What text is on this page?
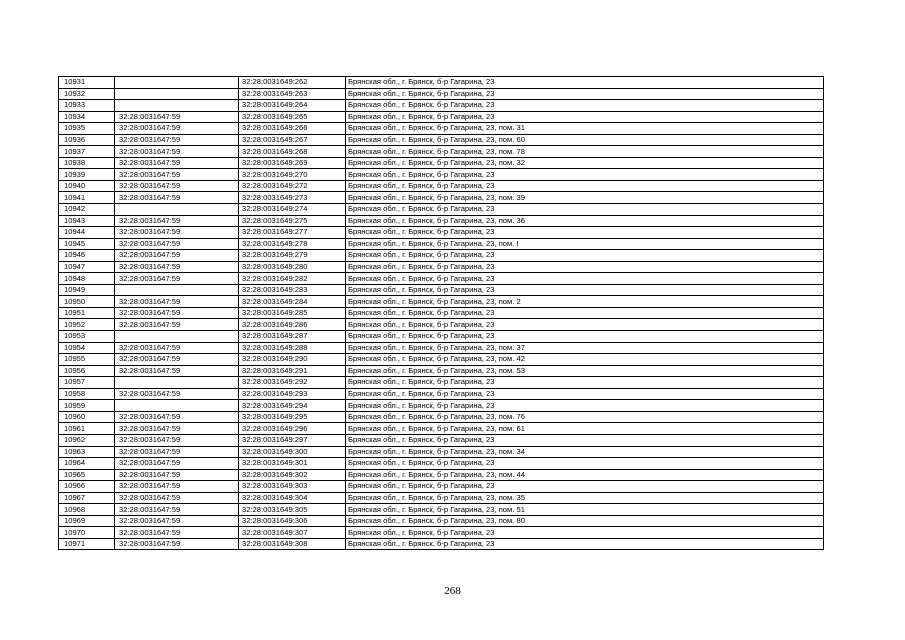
10931		32:28:0031649:262	Брянская обл., г. Брянск, б-р Гагарина, 23
10932		32:28:0031649:263	Брянская обл., г. Брянск, б-р Гагарина, 23
10933		32:28:0031649:264	Брянская обл., г. Брянск, б-р Гагарина, 23
10934	32:28:0031647:59	32:28:0031649:265	Брянская обл., г. Брянск, б-р Гагарина, 23
10935	32:28:0031647:59	32:28:0031649:266	Брянская обл., г. Брянск, б-р Гагарина, 23, пом. 31
10936	32:28:0031647:59	32:28:0031649:267	Брянская обл., г. Брянск, б-р Гагарина, 23, пом. 60
10937	32:28:0031647:59	32:28:0031649:268	Брянская обл., г. Брянск, б-р Гагарина, 23, пом. 78
10938	32:28:0031647:59	32:28:0031649:269	Брянская обл., г. Брянск, б-р Гагарина, 23, пом. 32
10939	32:28:0031647:59	32:28:0031649:270	Брянская обл., г. Брянск, б-р Гагарина, 23
10940	32:28:0031647:59	32:28:0031649:272	Брянская обл., г. Брянск, б-р Гагарина, 23
10941	32:28:0031647:59	32:28:0031649:273	Брянская обл., г. Брянск, б-р Гагарина, 23, пом. 39
10942		32:28:0031649:274	Брянская обл., г. Брянск, б-р Гагарина, 23
10943	32:28:0031647:59	32:28:0031649:275	Брянская обл., г. Брянск, б-р Гагарина, 23, пом. 36
10944	32:28:0031647:59	32:28:0031649:277	Брянская обл., г. Брянск, б-р Гагарина, 23
10945	32:28:0031647:59	32:28:0031649:278	Брянская обл., г. Брянск, б-р Гагарина, 23, пом. I
10946	32:28:0031647:59	32:28:0031649:279	Брянская обл., г. Брянск, б-р Гагарина, 23
10947	32:28:0031647:59	32:28:0031649:280	Брянская обл., г. Брянск, б-р Гагарина, 23
10948	32:28:0031647:59	32:28:0031649:282	Брянская обл., г. Брянск, б-р Гагарина, 23
10949		32:28:0031649:283	Брянская обл., г. Брянск, б-р Гагарина, 23
10950	32:28:0031647:59	32:28:0031649:284	Брянская обл., г. Брянск, б-р Гагарина, 23, пом. 2
10951	32:28:0031647:59	32:28:0031649:285	Брянская обл., г. Брянск, б-р Гагарина, 23
10952	32:28:0031647:59	32:28:0031649:286	Брянская обл., г. Брянск, б-р Гагарина, 23
10953		32:28:0031649:287	Брянская обл., г. Брянск, б-р Гагарина, 23
10954	32:28:0031647:59	32:28:0031649:288	Брянская обл., г. Брянск, б-р Гагарина, 23, пом. 37
10955	32:28:0031647:59	32:28:0031649:290	Брянская обл., г. Брянск, б-р Гагарина, 23, пом. 42
10956	32:28:0031647:59	32:28:0031649:291	Брянская обл., г. Брянск, б-р Гагарина, 23, пом. 53
10957		32:28:0031649:292	Брянская обл., г. Брянск, б-р Гагарина, 23
10958	32:28:0031647:59	32:28:0031649:293	Брянская обл., г. Брянск, б-р Гагарина, 23
10959		32:28:0031649:294	Брянская обл., г. Брянск, б-р Гагарина, 23
10960	32:28:0031647:59	32:28:0031649:295	Брянская обл., г. Брянск, б-р Гагарина, 23, пом. 76
10961	32:28:0031647:59	32:28:0031649:296	Брянская обл., г. Брянск, б-р Гагарина, 23, пом. 61
10962	32:28:0031647:59	32:28:0031649:297	Брянская обл., г. Брянск, б-р Гагарина, 23
10963	32:28:0031647:59	32:28:0031649:300	Брянская обл., г. Брянск, б-р Гагарина, 23, пом. 34
10964	32:28:0031647:59	32:28:0031649:301	Брянская обл., г. Брянск, б-р Гагарина, 23
10965	32:28:0031647:59	32:28:0031649:302	Брянская обл., г. Брянск, б-р Гагарина, 23, пом. 44
10966	32:28:0031647:59	32:28:0031649:303	Брянская обл., г. Брянск, б-р Гагарина, 23
10967	32:28:0031647:59	32:28:0031649:304	Брянская обл., г. Брянск, б-р Гагарина, 23, пом. 35
10968	32:28:0031647:59	32:28:0031649:305	Брянская обл., г. Брянск, б-р Гагарина, 23, пом. 51
10969	32:28:0031647:59	32:28:0031649:306	Брянская обл., г. Брянск, б-р Гагарина, 23, пом. 80
10970	32:28:0031647:59	32:28:0031649:307	Брянская обл., г. Брянск, б-р Гагарина, 23
10971	32:28:0031647:59	32:28:0031649:308	Брянская обл., г. Брянск, б-р Гагарина, 23
268
